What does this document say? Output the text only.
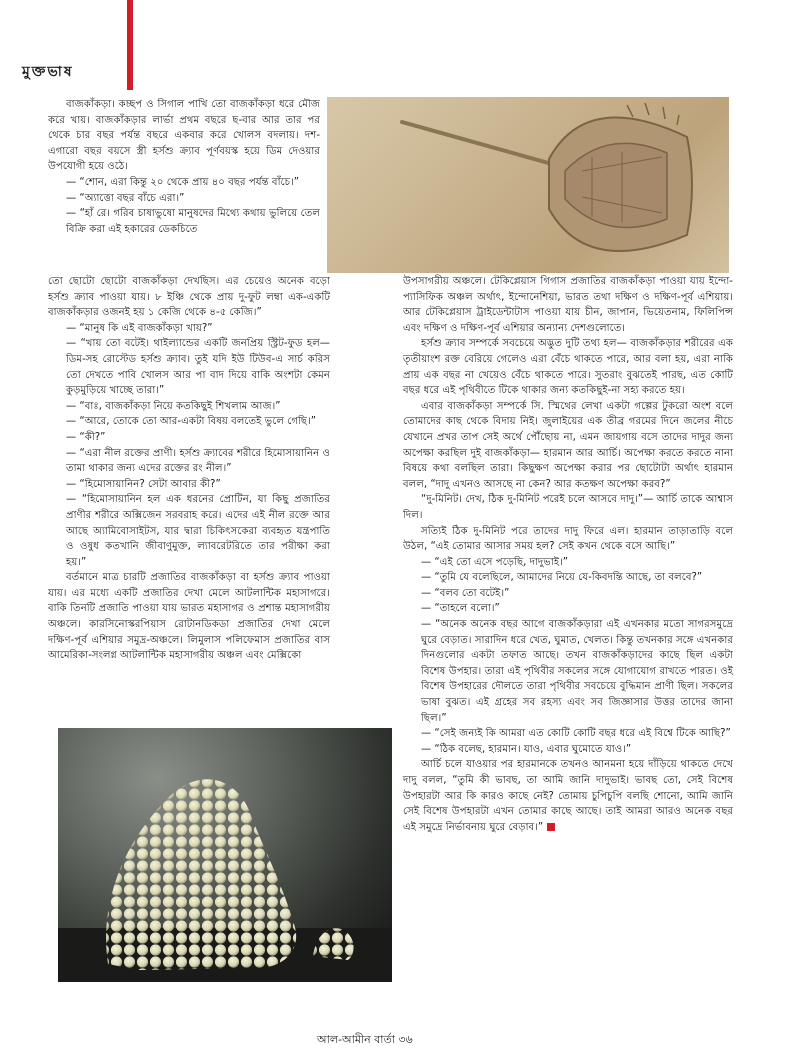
মুক্তভাষ

বাজকাঁকড়া। কচ্ছপ ও সিগাল পাখি তো বাজকাঁকড়া ধরে মৌজ করে খায়। বাজকাঁকড়ার লার্ভা প্রথম বছরে ছ-বার আর তার পর থেকে চার বছর পর্যন্ত বছরে একবার করে খোলস বদলায়। দশ-এগারো বছর বয়সে স্ত্রী হর্সশু ক্র্যাব পূর্ণবয়স্ক হয়ে ডিম দেওয়ার উপযোগী হয়ে ওঠে।

— “শোন, এরা কিন্তু ২০ থেকে প্রায় ৪০ বছর পর্যন্ত বাঁচে।”

— “অ্যাত্তো বছর বাঁচে এরা।”

— “হাঁ রে। গরিব চাষাভুষো মানুষদের মিথ্যে কথায় ভুলিয়ে তেল বিক্রি করা এই হকারের ডেকচিতে

তো ছোটো ছোটো বাজকাঁকড়া দেখছিস। এর চেয়েও অনেক বড়ো হর্সশু ক্র্যাব পাওয়া যায়। ৮ ইঞ্চি থেকে প্রায় দু-ফুট লম্বা এক-একটি বাজকাঁকড়ার ওজনই হয় ১ কেজি থেকে ৪-৫ কেজি।”

— “মানুষ কি এই বাজকাঁকড়া খায়?”

— “খায় তো বটেই। থাইল্যান্ডের একটি জনপ্রিয় স্ট্রিট-ফুড হল— ডিম-সহ রোস্টেড হর্সশু ক্র্যাব। তুই যদি ইউ টিউব-এ সার্চ করিস তো দেখতে পাবি খোলস আর পা বাদ দিয়ে বাকি অংশটা কেমন কুড়মুড়িয়ে খাচ্ছে তারা।”

— “বাঃ, বাজকাঁকড়া নিয়ে কতকিছুই শিখলাম আজ।”

— “আরে, তোকে তো আর-একটা বিষয় বলতেই ভুলে গেছি।”

— “কী?”

— “এরা নীল রক্তের প্রাণী। হর্সশু ক্র্যাবের শরীরে হিমোসায়ানিন ও তামা থাকার জন্য এদের রক্তের রং নীল।”

— “হিমোসায়ানিন? সেটা আবার কী?”

— “হিমোসায়ানিন হল এক ধরনের প্রোটিন, যা কিছু প্রজাতির প্রাণীর শরীরে অক্সিজেন সরবরাহ করে। এদের এই নীল রক্তে আর আছে অ্যামিবোসাইটস, যার দ্বারা চিকিৎসকেরা ব্যবহৃত যন্ত্রপাতি ও ওষুধ কতখানি জীবাণুমুক্ত, ল্যাবরেটরিতে তার পরীক্ষা করা হয়।”

বর্তমানে মাত্র চারটি প্রজাতির বাজকাঁকড়া বা হর্সশু ক্র্যাব পাওয়া যায়। এর মধ্যে একটি প্রজাতির দেখা মেলে আটলান্টিক মহাসাগরে। বাকি তিনটি প্রজাতি পাওয়া যায় ভারত মহাসাগর ও প্রশান্ত মহাসাগরীয় অঞ্চলে। কারসিনোস্করপিয়াস রোটানডিকডা প্রজাতির দেখা মেলে দক্ষিণ-পূর্ব এশিয়ার সমুদ্র-অঞ্চলে। লিমুলাস পলিফেমাস প্রজাতির বাস আমেরিকা-সংলগ্ন আটলান্টিক মহাসাগরীয় অঞ্চল এবং মেক্সিকো

উপসাগরীয় অঞ্চলে। টেকিপ্লেয়াস গিগাস প্রজাতির বাজকাঁকড়া পাওয়া যায় ইন্দো-প্যাসিফিক অঞ্চল অর্থাৎ, ইন্দোনেশিয়া, ভারত তথা দক্ষিণ ও দক্ষিণ-পূর্ব এশিয়ায়। আর টেকিপ্লেয়াস ট্রাইডেন্টাটাস পাওয়া যায় চীন, জাপান, ভিয়েতনাম, ফিলিপিন্স এবং দক্ষিণ ও দক্ষিণ-পূর্ব এশিয়ার অন্যান্য দেশগুলোতে।

হর্সশু ক্র্যাব সম্পর্কে সবচেয়ে অদ্ভুত দুটি তথ্য হল— বাজকাঁকড়ার শরীরের এক তৃতীয়াংশ রক্ত বেরিয়ে গেলেও এরা বেঁচে থাকতে পারে, আর বলা হয়, এরা নাকি প্রায় এক বছর না খেয়েও বেঁচে থাকতে পারে। সুতরাং বুঝতেই পারছ, এত কোটি বছর ধরে এই পৃথিবীতে টিকে থাকার জন্য কতকিছুই-না সহ্য করতে হয়।

এবার বাজকাঁকড়া সম্পর্কে সি. স্মিথের লেখা একটা গল্পের টুকরো অংশ বলে তোমাদের কাছ থেকে বিদায় নিই। জুলাইয়ের এক তীব্র গরমের দিনে জলের নীচে যেখানে প্রখর তাপ সেই অর্থে পৌঁছোয় না, এমন জায়গায় বসে তাদের দাদুর জন্য অপেক্ষা করছিল দুই বাজকাঁকড়া— হারমান আর আর্চি। অপেক্ষা করতে করতে নানা বিষয়ে কথা বলছিল তারা। কিছুক্ষণ অপেক্ষা করার পর ছোটোটা অর্থাৎ হারমান বলল, “দাদু এখনও আসছে না কেন? আর কতক্ষণ অপেক্ষা করব?”

“দু-মিনিট। দেখ, ঠিক দু-মিনিট পরেই চলে আসবে দাদু।”— আর্চি তাকে আশ্বাস দিল।

সত্যিই ঠিক দু-মিনিট পরে তাদের দাদু ফিরে এল। হারমান তাড়াতাড়ি বলে উঠল, “এই তোমার আসার সময় হল? সেই কখন থেকে বসে আছি।”

— “এই তো এসে পড়েছি, দাদুভাই।”

— “তুমি যে বলেছিলে, আমাদের নিয়ে যে-কিবদন্তি আছে, তা বলবে?”

— “বলব তো বটেই।”

— “তাহলে বলো।”

— “অনেক অনেক বছর আগে বাজকাঁকড়ারা এই এখনকার মতো সাগরসমুদ্রে ঘুরে বেড়াত। সারাদিন ধরে খেত, ঘুমাত, খেলত। কিন্তু তখনকার সঙ্গে এখনকার দিনগুলোর একটা তফাত আছে। তখন বাজকাঁকড়াদের কাছে ছিল একটা বিশেষ উপহার। তারা এই পৃথিবীর সকলের সঙ্গে যোগাযোগ রাখতে পারত। ওই বিশেষ উপহারের দৌলতে তারা পৃথিবীর সবচেয়ে বুদ্ধিমান প্রাণী ছিল। সকলের ভাষা বুঝত। এই গ্রহের সব রহস্য এবং সব জিজ্ঞাসার উত্তর তাদের জানা ছিল।”

— “সেই জন্যই কি আমরা এত কোটি কোটি বছর ধরে এই বিশ্বে টিকে আছি?”

— “ঠিক বলেছ, হারমান। যাও, এবার ঘুমোতে যাও।”

আর্চি চলে যাওয়ার পর হারমানকে তখনও আনমনা হয়ে দাঁড়িয়ে থাকতে দেখে দাদু বলল, “তুমি কী ভাবছ, তা আমি জানি দাদুভাই। ভাবছ তো, সেই বিশেষ উপহারটা আর কি কারও কাছে নেই? তোমায় চুপিচুপি বলছি শোনো, আমি জানি সেই বিশেষ উপহারটা এখন তোমার কাছে আছে। তাই আমরা আরও অনেক বছর এই সমুদ্রে নির্ভাবনায় ঘুরে বেড়াব।”

আল-আমীন বার্তা ৩৬
